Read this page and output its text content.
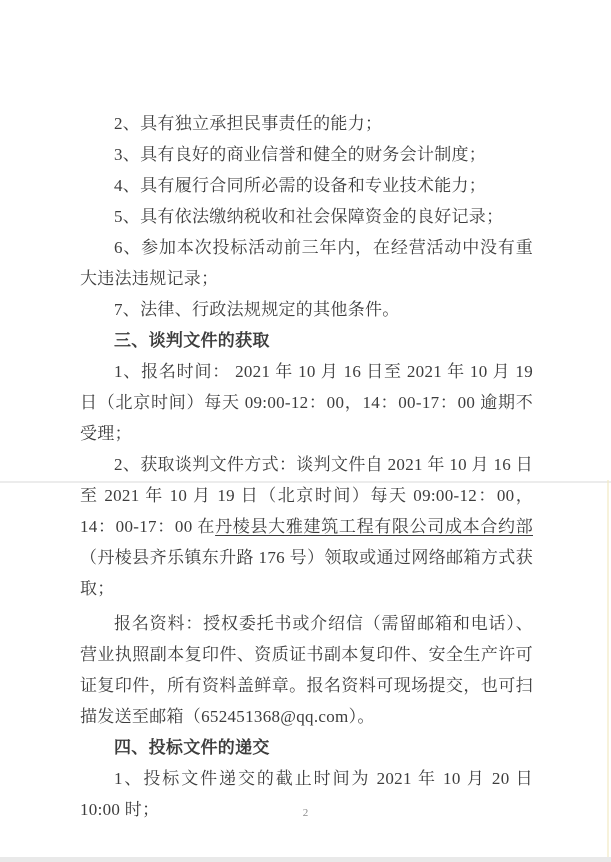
2、具有独立承担民事责任的能力；

3、具有良好的商业信誉和健全的财务会计制度；

4、具有履行合同所必需的设备和专业技术能力；

5、具有依法缴纳税收和社会保障资金的良好记录；

6、参加本次投标活动前三年内，在经营活动中没有重大违法违规记录；

7、法律、行政法规规定的其他条件。

三、谈判文件的获取

1、报名时间： 2021 年 10 月 16 日至 2021 年 10 月 19 日（北京时间）每天 09:00-12：00，14：00-17：00 逾期不受理；

2、获取谈判文件方式：谈判文件自 2021 年 10 月 16 日至 2021 年 10 月 19 日（北京时间）每天 09:00-12：00，14：00-17：00 在丹棱县大雅建筑工程有限公司成本合约部（丹棱县齐乐镇东升路 176 号）领取或通过网络邮箱方式获取；

报名资料：授权委托书或介绍信（需留邮箱和电话）、营业执照副本复印件、资质证书副本复印件、安全生产许可证复印件，所有资料盖鲜章。报名资料可现场提交，也可扫描发送至邮箱（652451368@qq.com）。

四、投标文件的递交

1、投标文件递交的截止时间为 2021 年 10 月 20 日 10:00 时；	2
